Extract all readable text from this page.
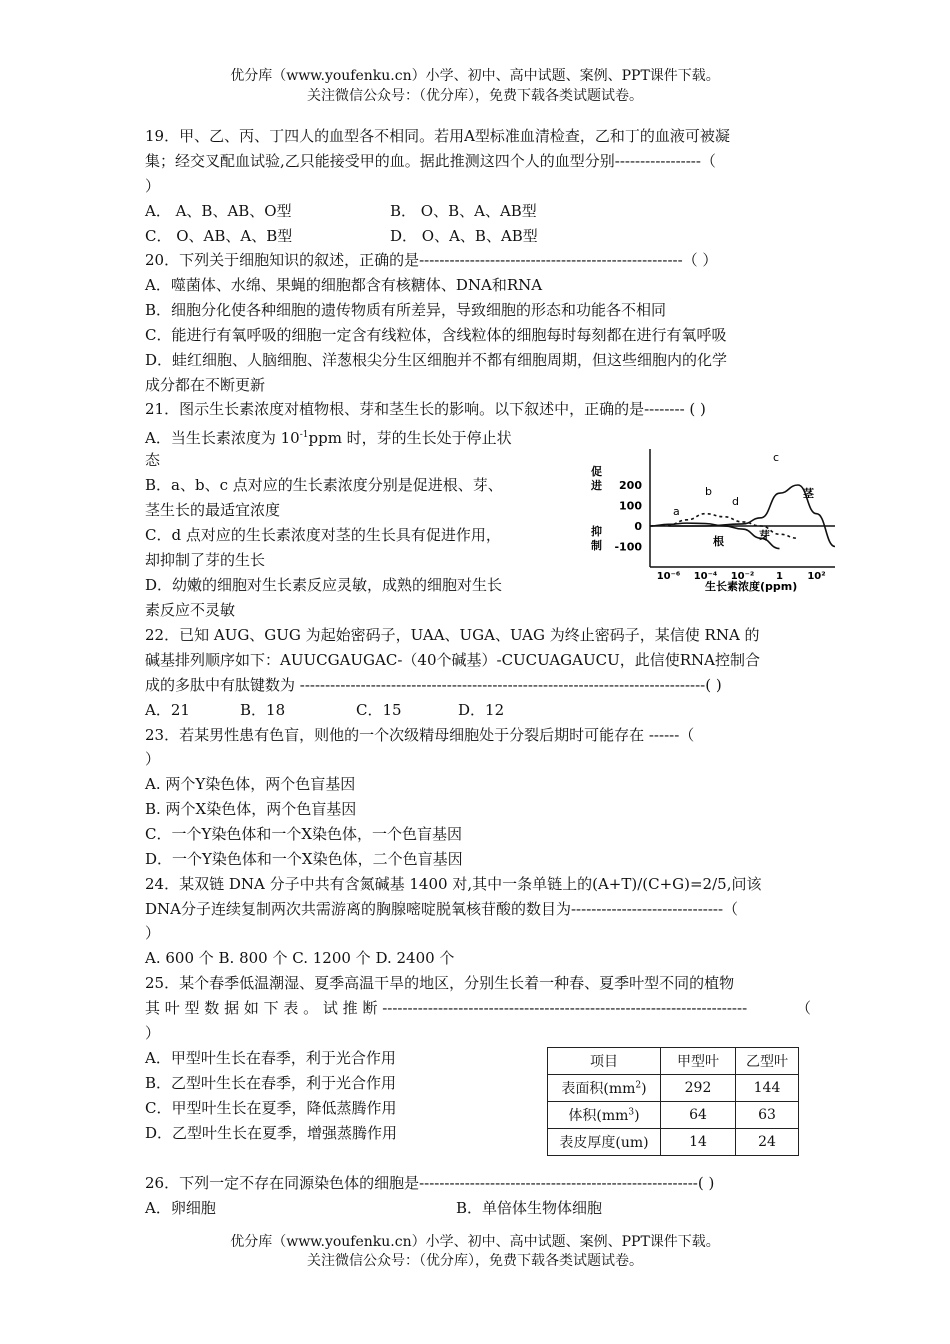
优分库（www.youfenku.cn）小学、初中、高中试题、案例、PPT课件下载。
关注微信公众号：（优分库），免费下载各类试题试卷。
19．甲、乙、丙、丁四人的血型各不相同。若用A型标准血清检查，乙和丁的血液可被凝
集；经交叉配血试验,乙只能接受甲的血。据此推测这四个人的血型分别-----------------（
）
A． A、B、AB、O型	B． O、B、A、AB型
C． O、AB、A、B型	D． O、A、B、AB型
20．下列关于细胞知识的叙述，正确的是----------------------------------------------------（ ）
A．噬菌体、水绵、果蝇的细胞都含有核糖体、DNA和RNA
B．细胞分化使各种细胞的遗传物质有所差异，导致细胞的形态和功能各不相同
C．能进行有氧呼吸的细胞一定含有线粒体，含线粒体的细胞每时每刻都在进行有氧呼吸
D．蛙红细胞、人脑细胞、洋葱根尖分生区细胞并不都有细胞周期，但这些细胞内的化学
成分都在不断更新
21．图示生长素浓度对植物根、芽和茎生长的影响。以下叙述中，正确的是-------- ( )
A．当生长素浓度为 $10^{-1}ppm$ 时，芽的生长处于停止状
态
B．a、b、c 点对应的生长素浓度分别是促进根、芽、
茎生长的最适宜浓度
C．d 点对应的生长素浓度对茎的生长具有促进作用，
却抑制了芽的生长
D．幼嫩的细胞对生长素反应灵敏，成熟的细胞对生长
素反应不灵敏
促
进
抑
制
200
100
0
-100
10⁻⁶ 10⁻⁴ 10⁻² 1 10²
生长素浓度(ppm)
a
b
c
d
茎
芽
根
22．已知 AUG、GUG 为起始密码子，UAA、UGA、UAG 为终止密码子，某信使 RNA 的
碱基排列顺序如下：AUUCGAUGAC-（40个碱基）-CUCUAGAUCU，此信使RNA控制合
成的多肽中有肽键数为 --------------------------------------------------------------------------------( )
A．21	B．18	C．15	D．12
23．若某男性患有色盲，则他的一个次级精母细胞处于分裂后期时可能存在 ------（
）
A. 两个Y染色体，两个色盲基因
B. 两个X染色体，两个色盲基因
C．一个Y染色体和一个X染色体，一个色盲基因
D．一个Y染色体和一个X染色体，二个色盲基因
24．某双链 DNA 分子中共有含氮碱基 1400 对,其中一条单链上的(A+T)/(C+G)=2/5,问该
DNA分子连续复制两次共需游离的胸腺嘧啶脱氧核苷酸的数目为------------------------------（
）
A. 600 个 B. 800 个 C. 1200 个 D. 2400 个
25．某个春季低温潮湿、夏季高温干旱的地区，分别生长着一种春、夏季叶型不同的植物
其 叶 型 数 据 如 下 表 。 试 推 断 ------------------------------------------------------------------------	（
）
A．甲型叶生长在春季，利于光合作用
B．乙型叶生长在春季，利于光合作用
C．甲型叶生长在夏季，降低蒸腾作用
D．乙型叶生长在夏季，增强蒸腾作用
项目	甲型叶	乙型叶
表面积$(mm^2)$	292	144
体积$(mm^3)$	64	63
表皮厚度(um)	14	24
26．下列一定不存在同源染色体的细胞是-------------------------------------------------------( )
A．卵细胞	B．单倍体生物体细胞
优分库（www.youfenku.cn）小学、初中、高中试题、案例、PPT课件下载。
关注微信公众号：（优分库），免费下载各类试题试卷。
